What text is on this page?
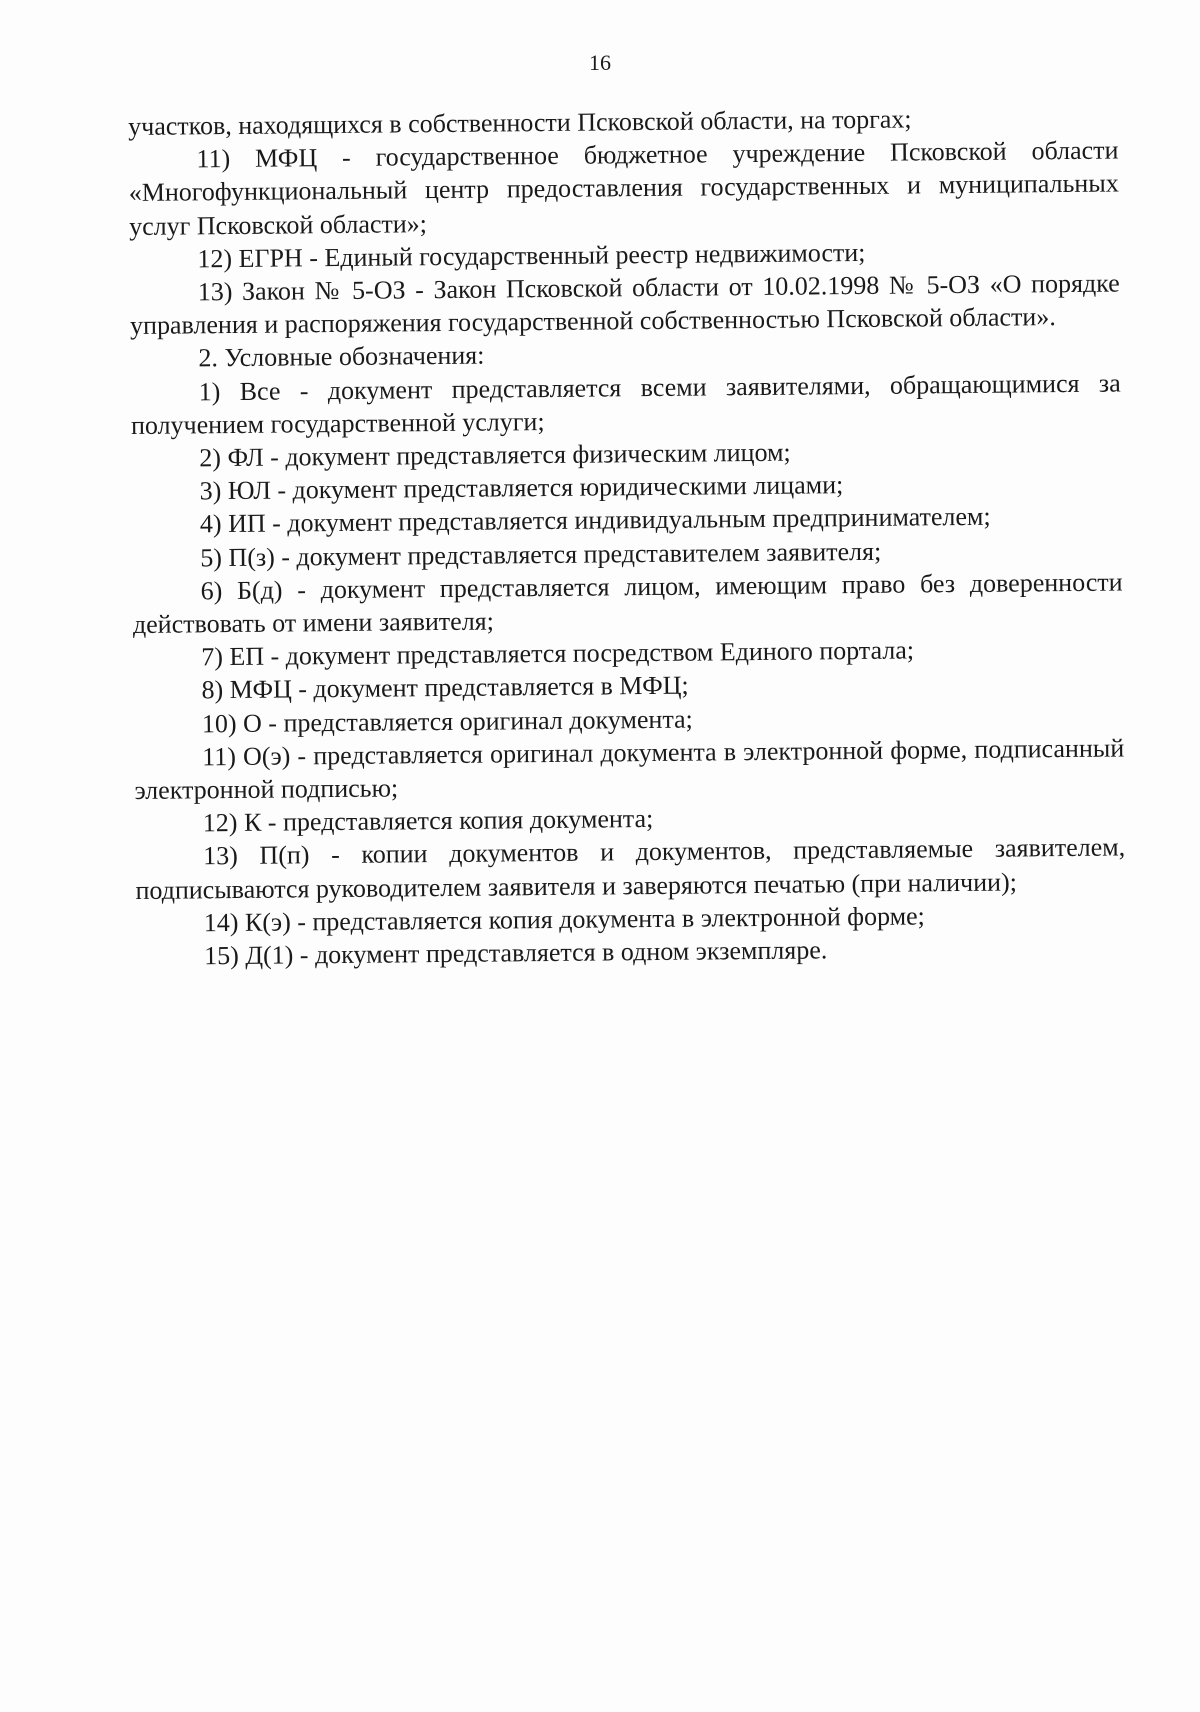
16

участков, находящихся в собственности Псковской области, на торгах;

11) МФЦ - государственное бюджетное учреждение Псковской области «Многофункциональный центр предоставления государственных и муниципальных услуг Псковской области»;

12) ЕГРН - Единый государственный реестр недвижимости;

13) Закон № 5-ОЗ - Закон Псковской области от 10.02.1998 № 5-ОЗ «О порядке управления и распоряжения государственной собственностью Псковской области».

2. Условные обозначения:

1) Все - документ представляется всеми заявителями, обращающимися за получением государственной услуги;

2) ФЛ - документ представляется физическим лицом;

3) ЮЛ - документ представляется юридическими лицами;

4) ИП - документ представляется индивидуальным предпринимателем;

5) П(з) - документ представляется представителем заявителя;

6) Б(д) - документ представляется лицом, имеющим право без доверенности действовать от имени заявителя;

7) ЕП - документ представляется посредством Единого портала;

8) МФЦ - документ представляется в МФЦ;

10) О - представляется оригинал документа;

11) О(э) - представляется оригинал документа в электронной форме, подписанный электронной подписью;

12) К - представляется копия документа;

13) П(п) - копии документов и документов, представляемые заявителем, подписываются руководителем заявителя и заверяются печатью (при наличии);

14) К(э) - представляется копия документа в электронной форме;

15) Д(1) - документ представляется в одном экземпляре.
